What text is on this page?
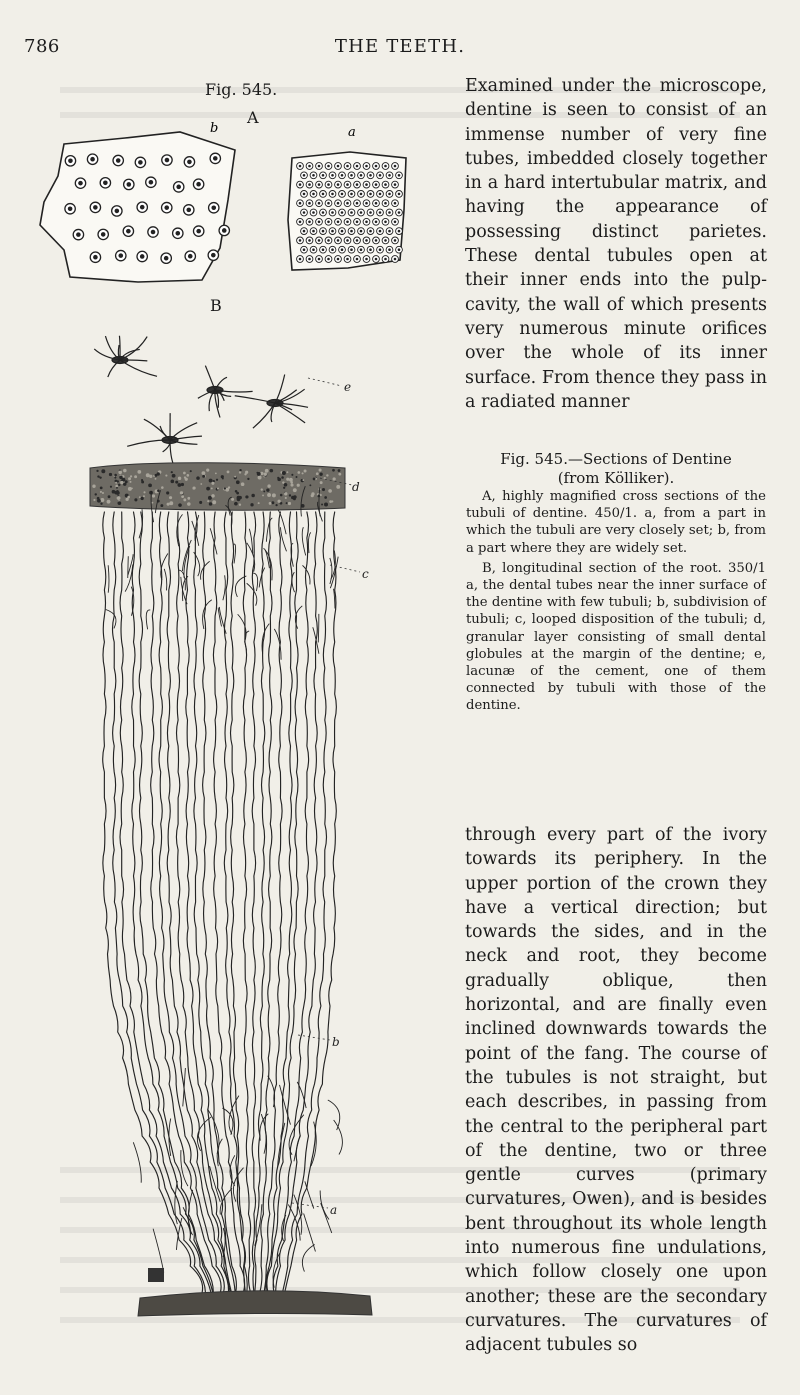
786	THE TEETH.
Fig. 545.
A
B
b	a
e
d
c
b
a

Examined under the microscope, dentine is seen to consist of an immense number of very fine tubes, imbedded closely together in a hard intertubular matrix, and having the appearance of possessing distinct parietes. These dental tubules open at their inner ends into the pulp-cavity, the wall of which presents very numerous minute orifices over the whole of its inner surface. From thence they pass in a radiated manner

Fig. 545.—Sections of Dentine

(from Kölliker).

A, highly magnified cross sections of the tubuli of dentine. 450/1. a, from a part in which the tubuli are very closely set; b, from a part where they are widely set.

B, longitudinal section of the root. 350/1 a, the dental tubes near the inner surface of the dentine with few tubuli; b, subdivision of tubuli; c, looped disposition of the tubuli; d, granular layer consisting of small dental globules at the margin of the dentine; e, lacunæ of the cement, one of them connected by tubuli with those of the dentine.

through every part of the ivory towards its periphery. In the upper portion of the crown they have a vertical direction; but towards the sides, and in the neck and root, they become gradually oblique, then horizontal, and are finally even inclined downwards towards the point of the fang. The course of the tubules is not straight, but each describes, in passing from the central to the peripheral part of the dentine, two or three gentle curves (primary curvatures, Owen), and is besides bent throughout its whole length into numerous fine undulations, which follow closely one upon another; these are the secondary curvatures. The curvatures of adjacent tubules so
